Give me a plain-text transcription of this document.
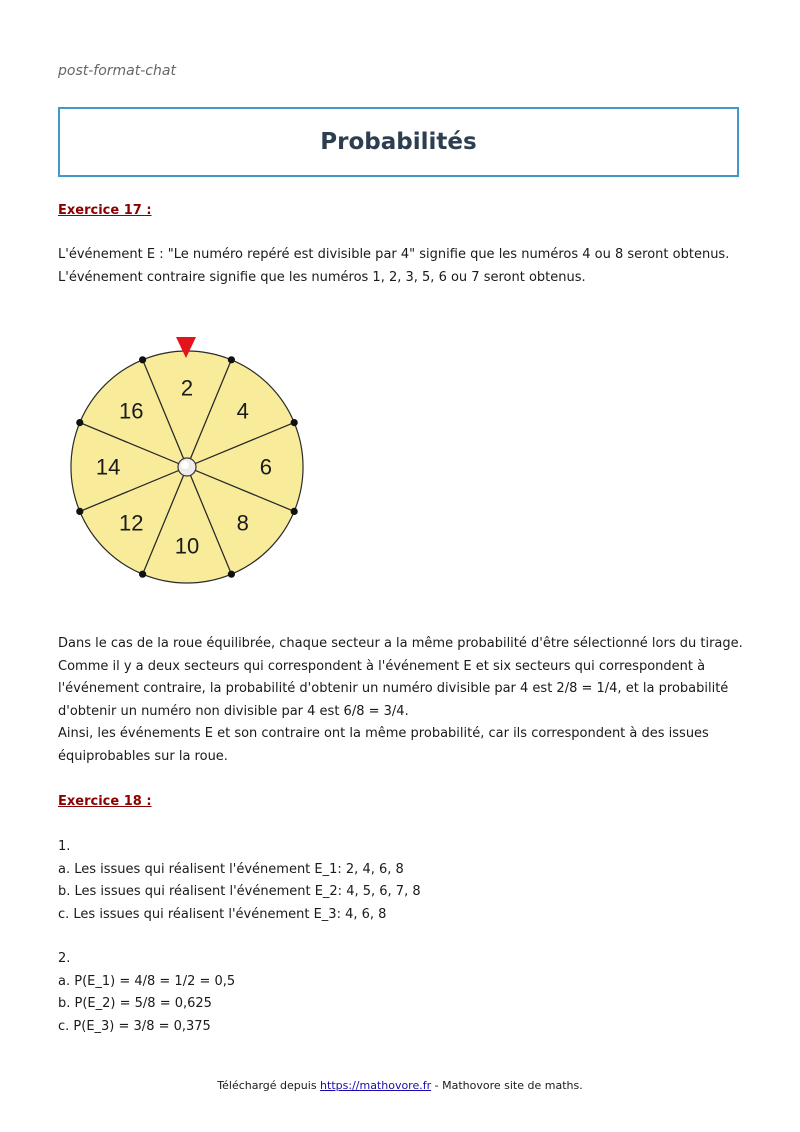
post-format-chat
Probabilités
Exercice 17 :
L'événement E : "Le numéro repéré est divisible par 4" signifie que les numéros 4 ou 8 seront obtenus.
L'événement contraire signifie que les numéros 1, 2, 3, 5, 6 ou 7 seront obtenus.
2
4
6
8
10
12
14
16
Dans le cas de la roue équilibrée, chaque secteur a la même probabilité d'être sélectionné lors du tirage.
Comme il y a deux secteurs qui correspondent à l'événement E et six secteurs qui correspondent à
l'événement contraire, la probabilité d'obtenir un numéro divisible par 4 est 2/8 = 1/4, et la probabilité
d'obtenir un numéro non divisible par 4 est 6/8 = 3/4.
Ainsi, les événements E et son contraire ont la même probabilité, car ils correspondent à des issues
équiprobables sur la roue.
Exercice 18 :
1.
a. Les issues qui réalisent l'événement E_1: 2, 4, 6, 8
b. Les issues qui réalisent l'événement E_2: 4, 5, 6, 7, 8
c. Les issues qui réalisent l'événement E_3: 4, 6, 8
2.
a. P(E_1) = 4/8 = 1/2 = 0,5
b. P(E_2) = 5/8 = 0,625
c. P(E_3) = 3/8 = 0,375
Téléchargé depuis https://mathovore.fr - Mathovore site de maths.
